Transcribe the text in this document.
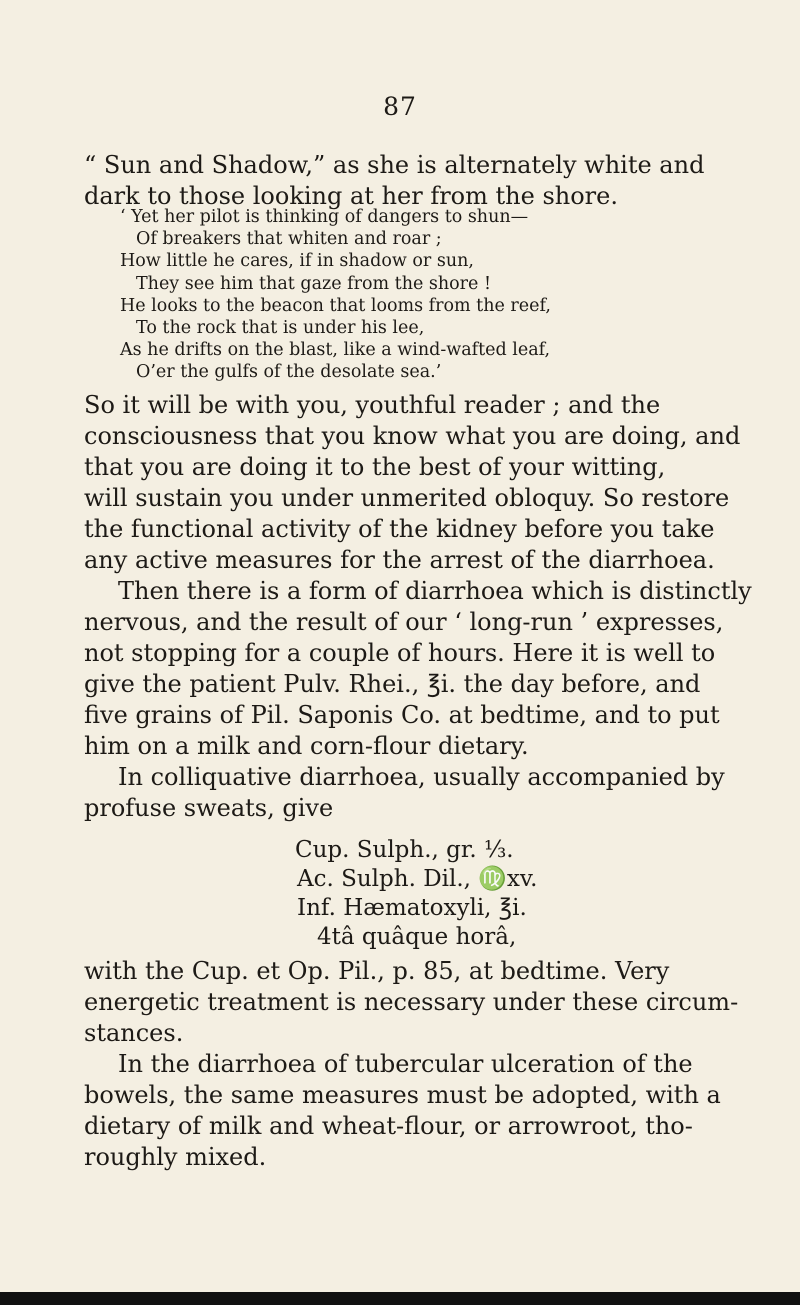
87

“ Sun and Shadow,” as she is alternately white and
dark to those looking at her from the shore.

‘ Yet her pilot is thinking of dangers to shun—
Of breakers that whiten and roar ;
How little he cares, if in shadow or sun,
They see him that gaze from the shore !
He looks to the beacon that looms from the reef,
To the rock that is under his lee,
As he drifts on the blast, like a wind-wafted leaf,
O’er the gulfs of the desolate sea.’

So it will be with you, youthful reader ; and the
consciousness that you know what you are doing, and
that you are doing it to the best of your witting,
will sustain you under unmerited obloquy. So restore
the functional activity of the kidney before you take
any active measures for the arrest of the diarrhoea.
Then there is a form of diarrhoea which is distinctly
nervous, and the result of our ‘ long-run ’ expresses,
not stopping for a couple of hours. Here it is well to
give the patient Pulv. Rhei., ℥i. the day before, and
five grains of Pil. Saponis Co. at bedtime, and to put
him on a milk and corn-flour dietary.
In colliquative diarrhoea, usually accompanied by
profuse sweats, give

Cup. Sulph., gr. ⅓.
Ac. Sulph. Dil., ♍xv.
Inf. Hæmatoxyli, ℥i.
4tâ quâque horâ,

with the Cup. et Op. Pil., p. 85, at bedtime. Very
energetic treatment is necessary under these circum-
stances.
In the diarrhoea of tubercular ulceration of the
bowels, the same measures must be adopted, with a
dietary of milk and wheat-flour, or arrowroot, tho-
roughly mixed.
